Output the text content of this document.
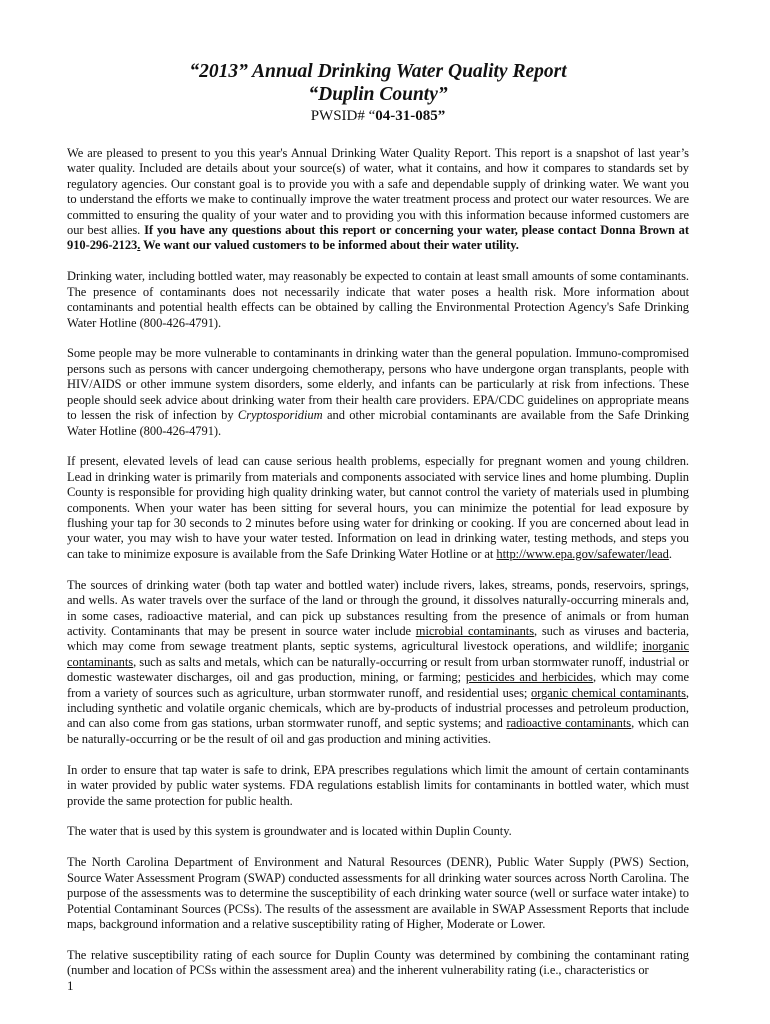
“2013” Annual Drinking Water Quality Report
“Duplin County”

PWSID# “04-31-085”

We are pleased to present to you this year's Annual Drinking Water Quality Report. This report is a snapshot of last year’s water quality. Included are details about your source(s) of water, what it contains, and how it compares to standards set by regulatory agencies. Our constant goal is to provide you with a safe and dependable supply of drinking water. We want you to understand the efforts we make to continually improve the water treatment process and protect our water resources. We are committed to ensuring the quality of your water and to providing you with this information because informed customers are our best allies. If you have any questions about this report or concerning your water, please contact Donna Brown at 910-296-2123. We want our valued customers to be informed about their water utility.

Drinking water, including bottled water, may reasonably be expected to contain at least small amounts of some contaminants. The presence of contaminants does not necessarily indicate that water poses a health risk. More information about contaminants and potential health effects can be obtained by calling the Environmental Protection Agency's Safe Drinking Water Hotline (800-426-4791).

Some people may be more vulnerable to contaminants in drinking water than the general population. Immuno-compromised persons such as persons with cancer undergoing chemotherapy, persons who have undergone organ transplants, people with HIV/AIDS or other immune system disorders, some elderly, and infants can be particularly at risk from infections. These people should seek advice about drinking water from their health care providers. EPA/CDC guidelines on appropriate means to lessen the risk of infection by Cryptosporidium and other microbial contaminants are available from the Safe Drinking Water Hotline (800-426-4791).

If present, elevated levels of lead can cause serious health problems, especially for pregnant women and young children. Lead in drinking water is primarily from materials and components associated with service lines and home plumbing. Duplin County is responsible for providing high quality drinking water, but cannot control the variety of materials used in plumbing components. When your water has been sitting for several hours, you can minimize the potential for lead exposure by flushing your tap for 30 seconds to 2 minutes before using water for drinking or cooking. If you are concerned about lead in your water, you may wish to have your water tested. Information on lead in drinking water, testing methods, and steps you can take to minimize exposure is available from the Safe Drinking Water Hotline or at http://www.epa.gov/safewater/lead.

The sources of drinking water (both tap water and bottled water) include rivers, lakes, streams, ponds, reservoirs, springs, and wells. As water travels over the surface of the land or through the ground, it dissolves naturally-occurring minerals and, in some cases, radioactive material, and can pick up substances resulting from the presence of animals or from human activity. Contaminants that may be present in source water include microbial contaminants, such as viruses and bacteria, which may come from sewage treatment plants, septic systems, agricultural livestock operations, and wildlife; inorganic contaminants, such as salts and metals, which can be naturally-occurring or result from urban stormwater runoff, industrial or domestic wastewater discharges, oil and gas production, mining, or farming; pesticides and herbicides, which may come from a variety of sources such as agriculture, urban stormwater runoff, and residential uses; organic chemical contaminants, including synthetic and volatile organic chemicals, which are by-products of industrial processes and petroleum production, and can also come from gas stations, urban stormwater runoff, and septic systems; and radioactive contaminants, which can be naturally-occurring or be the result of oil and gas production and mining activities.

In order to ensure that tap water is safe to drink, EPA prescribes regulations which limit the amount of certain contaminants in water provided by public water systems. FDA regulations establish limits for contaminants in bottled water, which must provide the same protection for public health.

The water that is used by this system is groundwater and is located within Duplin County.

The North Carolina Department of Environment and Natural Resources (DENR), Public Water Supply (PWS) Section, Source Water Assessment Program (SWAP) conducted assessments for all drinking water sources across North Carolina. The purpose of the assessments was to determine the susceptibility of each drinking water source (well or surface water intake) to Potential Contaminant Sources (PCSs). The results of the assessment are available in SWAP Assessment Reports that include maps, background information and a relative susceptibility rating of Higher, Moderate or Lower.

The relative susceptibility rating of each source for Duplin County was determined by combining the contaminant rating (number and location of PCSs within the assessment area) and the inherent vulnerability rating (i.e., characteristics or

1
